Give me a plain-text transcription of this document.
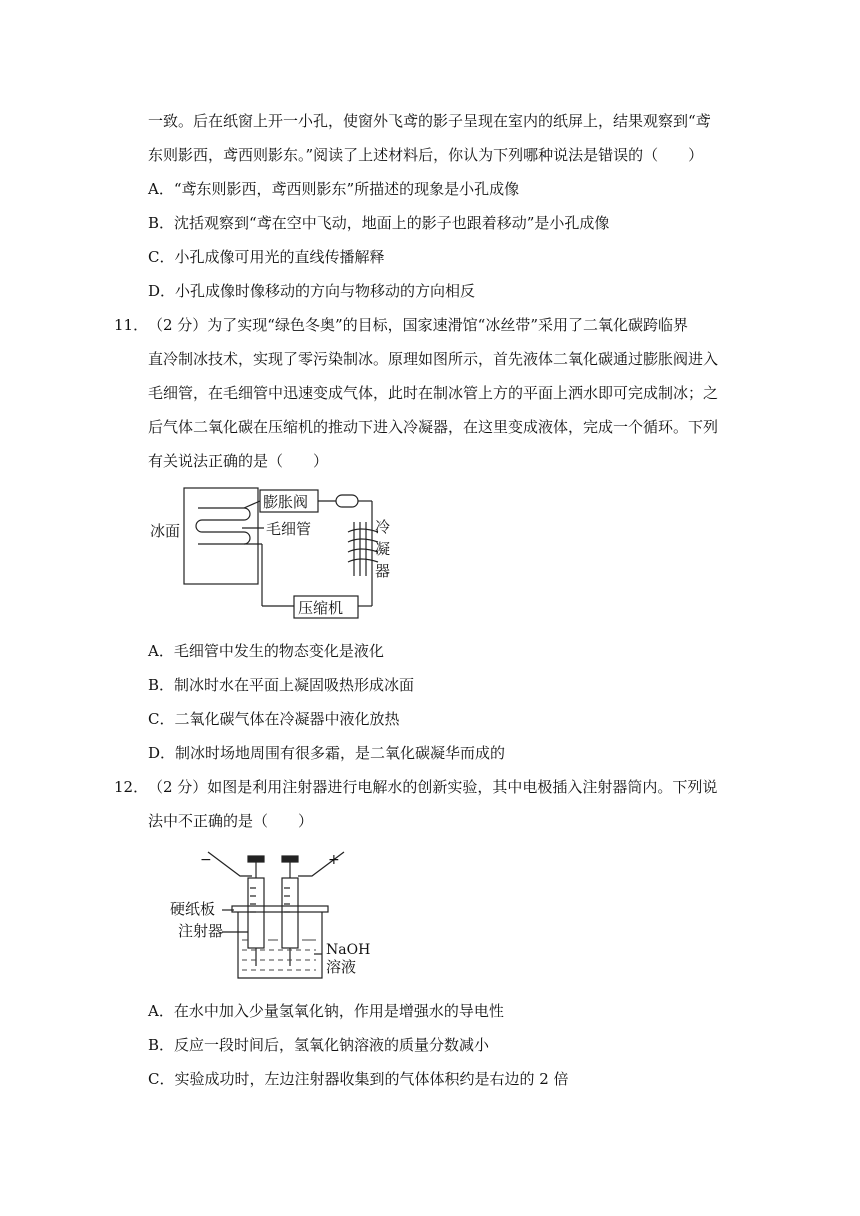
一致。后在纸窗上开一小孔，使窗外飞鸢的影子呈现在室内的纸屏上，结果观察到“鸢
东则影西，鸢西则影东。”阅读了上述材料后，你认为下列哪种说法是错误的（　　）
A．“鸢东则影西，鸢西则影东”所描述的现象是小孔成像
B．沈括观察到“鸢在空中飞动，地面上的影子也跟着移动”是小孔成像
C．小孔成像可用光的直线传播解释
D．小孔成像时像移动的方向与物移动的方向相反
11． （2 分）为了实现“绿色冬奥”的目标，国家速滑馆“冰丝带”采用了二氧化碳跨临界
直冷制冰技术，实现了零污染制冰。原理如图所示，首先液体二氧化碳通过膨胀阀进入
毛细管，在毛细管中迅速变成气体，此时在制冰管上方的平面上洒水即可完成制冰；之
后气体二氧化碳在压缩机的推动下进入冷凝器，在这里变成液体，完成一个循环。下列
有关说法正确的是（　　）
冰面
膨胀阀
毛细管	冷
凝
器
压缩机
A．毛细管中发生的物态变化是液化
B．制冰时水在平面上凝固吸热形成冰面
C．二氧化碳气体在冷凝器中液化放热
D．制冰时场地周围有很多霜，是二氧化碳凝华而成的
12． （2 分）如图是利用注射器进行电解水的创新实验，其中电极插入注射器筒内。下列说
法中不正确的是（　　）
−	+
硬纸板
注射器
NaOH
溶液
A．在水中加入少量氢氧化钠，作用是增强水的导电性
B．反应一段时间后，氢氧化钠溶液的质量分数减小
C．实验成功时，左边注射器收集到的气体体积约是右边的 2 倍
